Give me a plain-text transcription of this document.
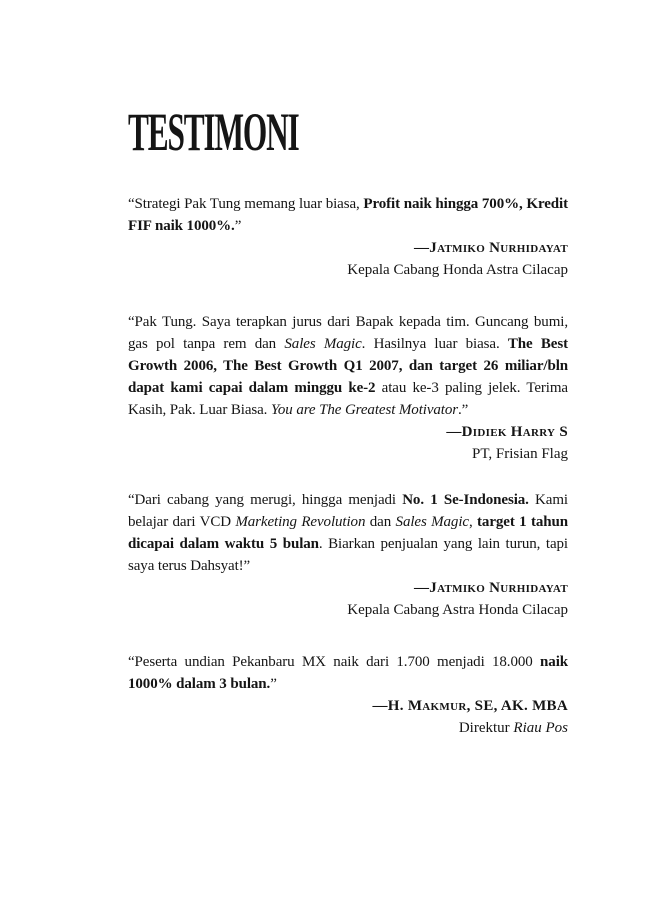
TESTIMONI

“Strategi Pak Tung memang luar biasa, Profit naik hingga 700%, Kredit FIF naik 1000%.”

—Jatmiko Nurhidayat

Kepala Cabang Honda Astra Cilacap

“Pak Tung. Saya terapkan jurus dari Bapak kepada tim. Guncang bumi, gas pol tanpa rem dan Sales Magic. Hasilnya luar biasa. The Best Growth 2006, The Best Growth Q1 2007, dan target 26 miliar/bln dapat kami capai dalam minggu ke-2 atau ke-3 paling jelek. Terima Kasih, Pak. Luar Biasa. You are The Greatest Motivator.”

—Didiek Harry S

PT, Frisian Flag

“Dari cabang yang merugi, hingga menjadi No. 1 Se-Indonesia. Kami belajar dari VCD Marketing Revolution dan Sales Magic, target 1 tahun dicapai dalam waktu 5 bulan. Biarkan penjualan yang lain turun, tapi saya terus Dahsyat!”

—Jatmiko Nurhidayat

Kepala Cabang Astra Honda Cilacap

“Peserta undian Pekanbaru MX naik dari 1.700 menjadi 18.000 naik 1000% dalam 3 bulan.”

—H. Makmur, SE, AK. MBA

Direktur Riau Pos
